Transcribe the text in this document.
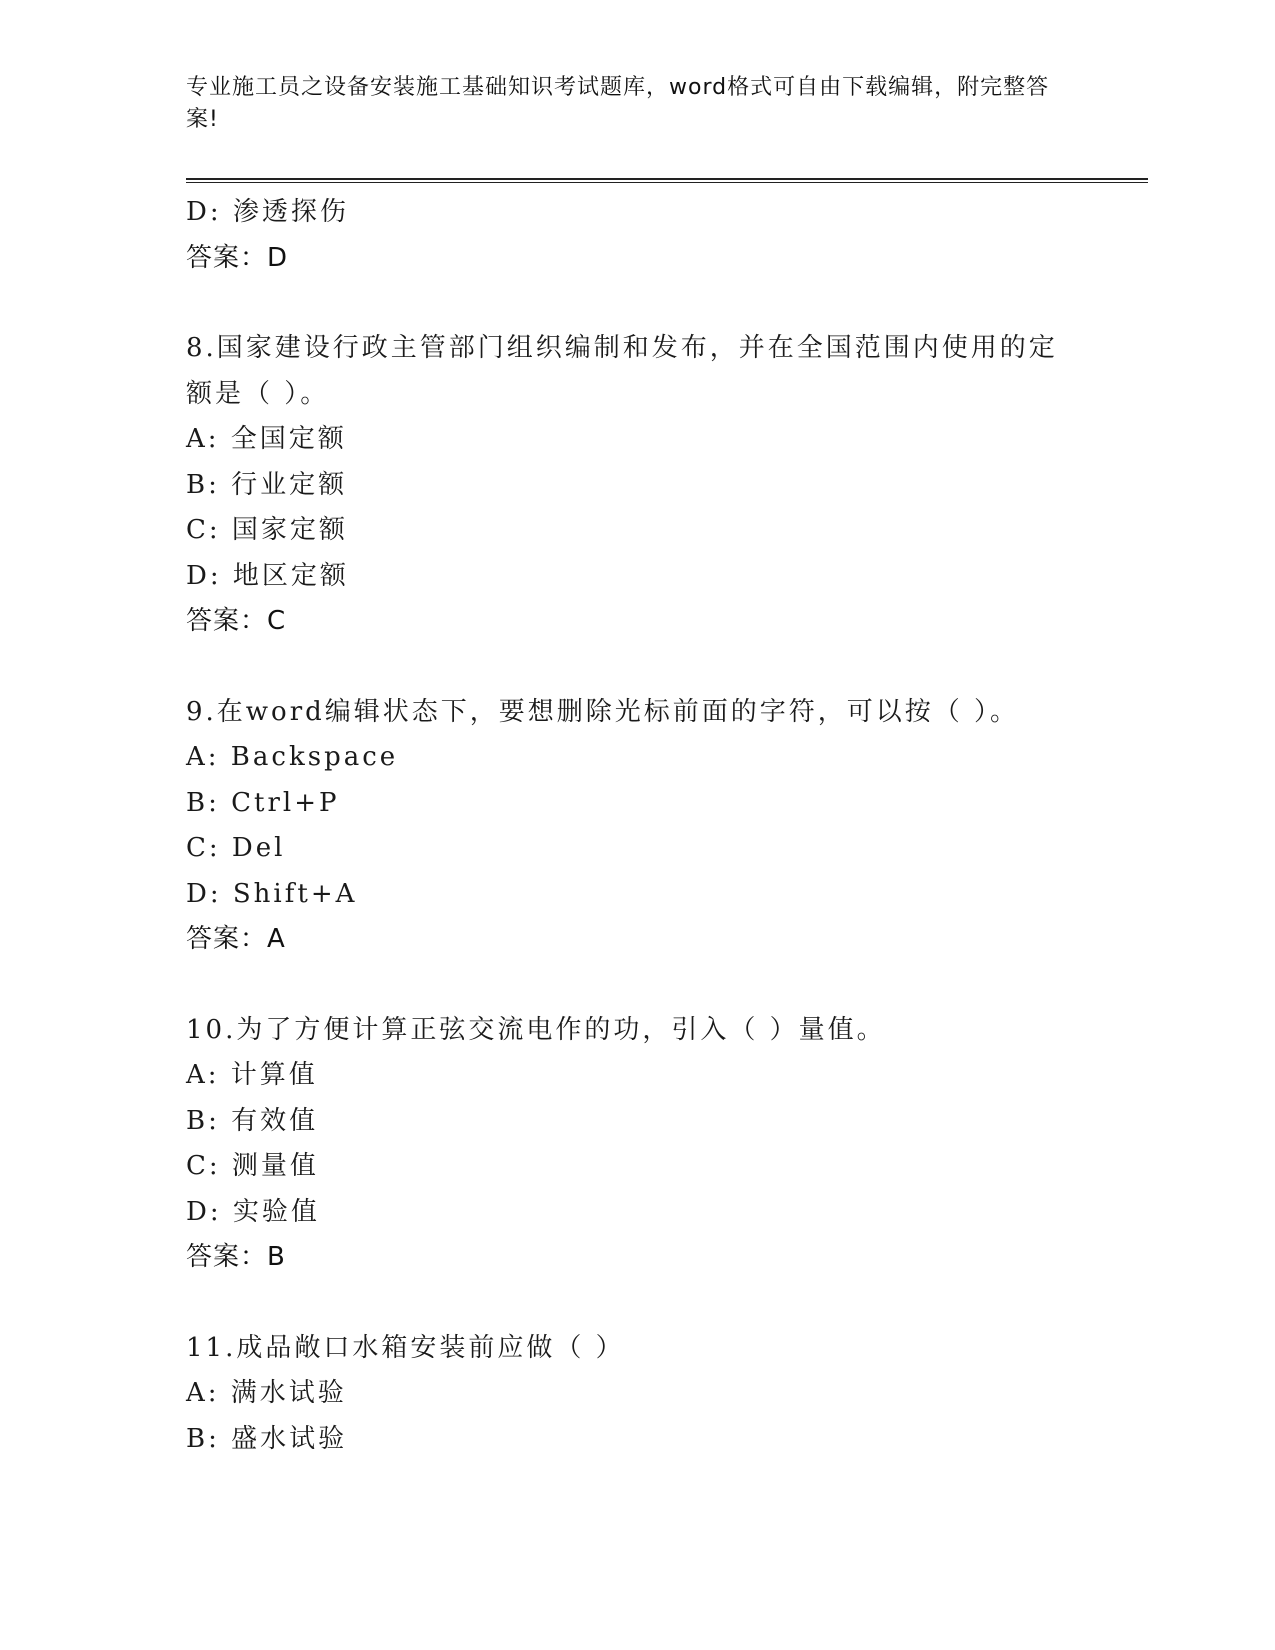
专业施工员之设备安装施工基础知识考试题库，word格式可自由下载编辑，附完整答案!
D: 渗透探伤
答案：D
8.国家建设行政主管部门组织编制和发布，并在全国范围内使用的定额是（ ）。
A: 全国定额
B: 行业定额
C: 国家定额
D: 地区定额
答案：C
9.在word编辑状态下，要想删除光标前面的字符，可以按（ ）。
A: Backspace
B: Ctrl+P
C: Del
D: Shift+A
答案：A
10.为了方便计算正弦交流电作的功，引入（ ）量值。
A: 计算值
B: 有效值
C: 测量值
D: 实验值
答案：B
11.成品敞口水箱安装前应做（ ）
A: 满水试验
B: 盛水试验
